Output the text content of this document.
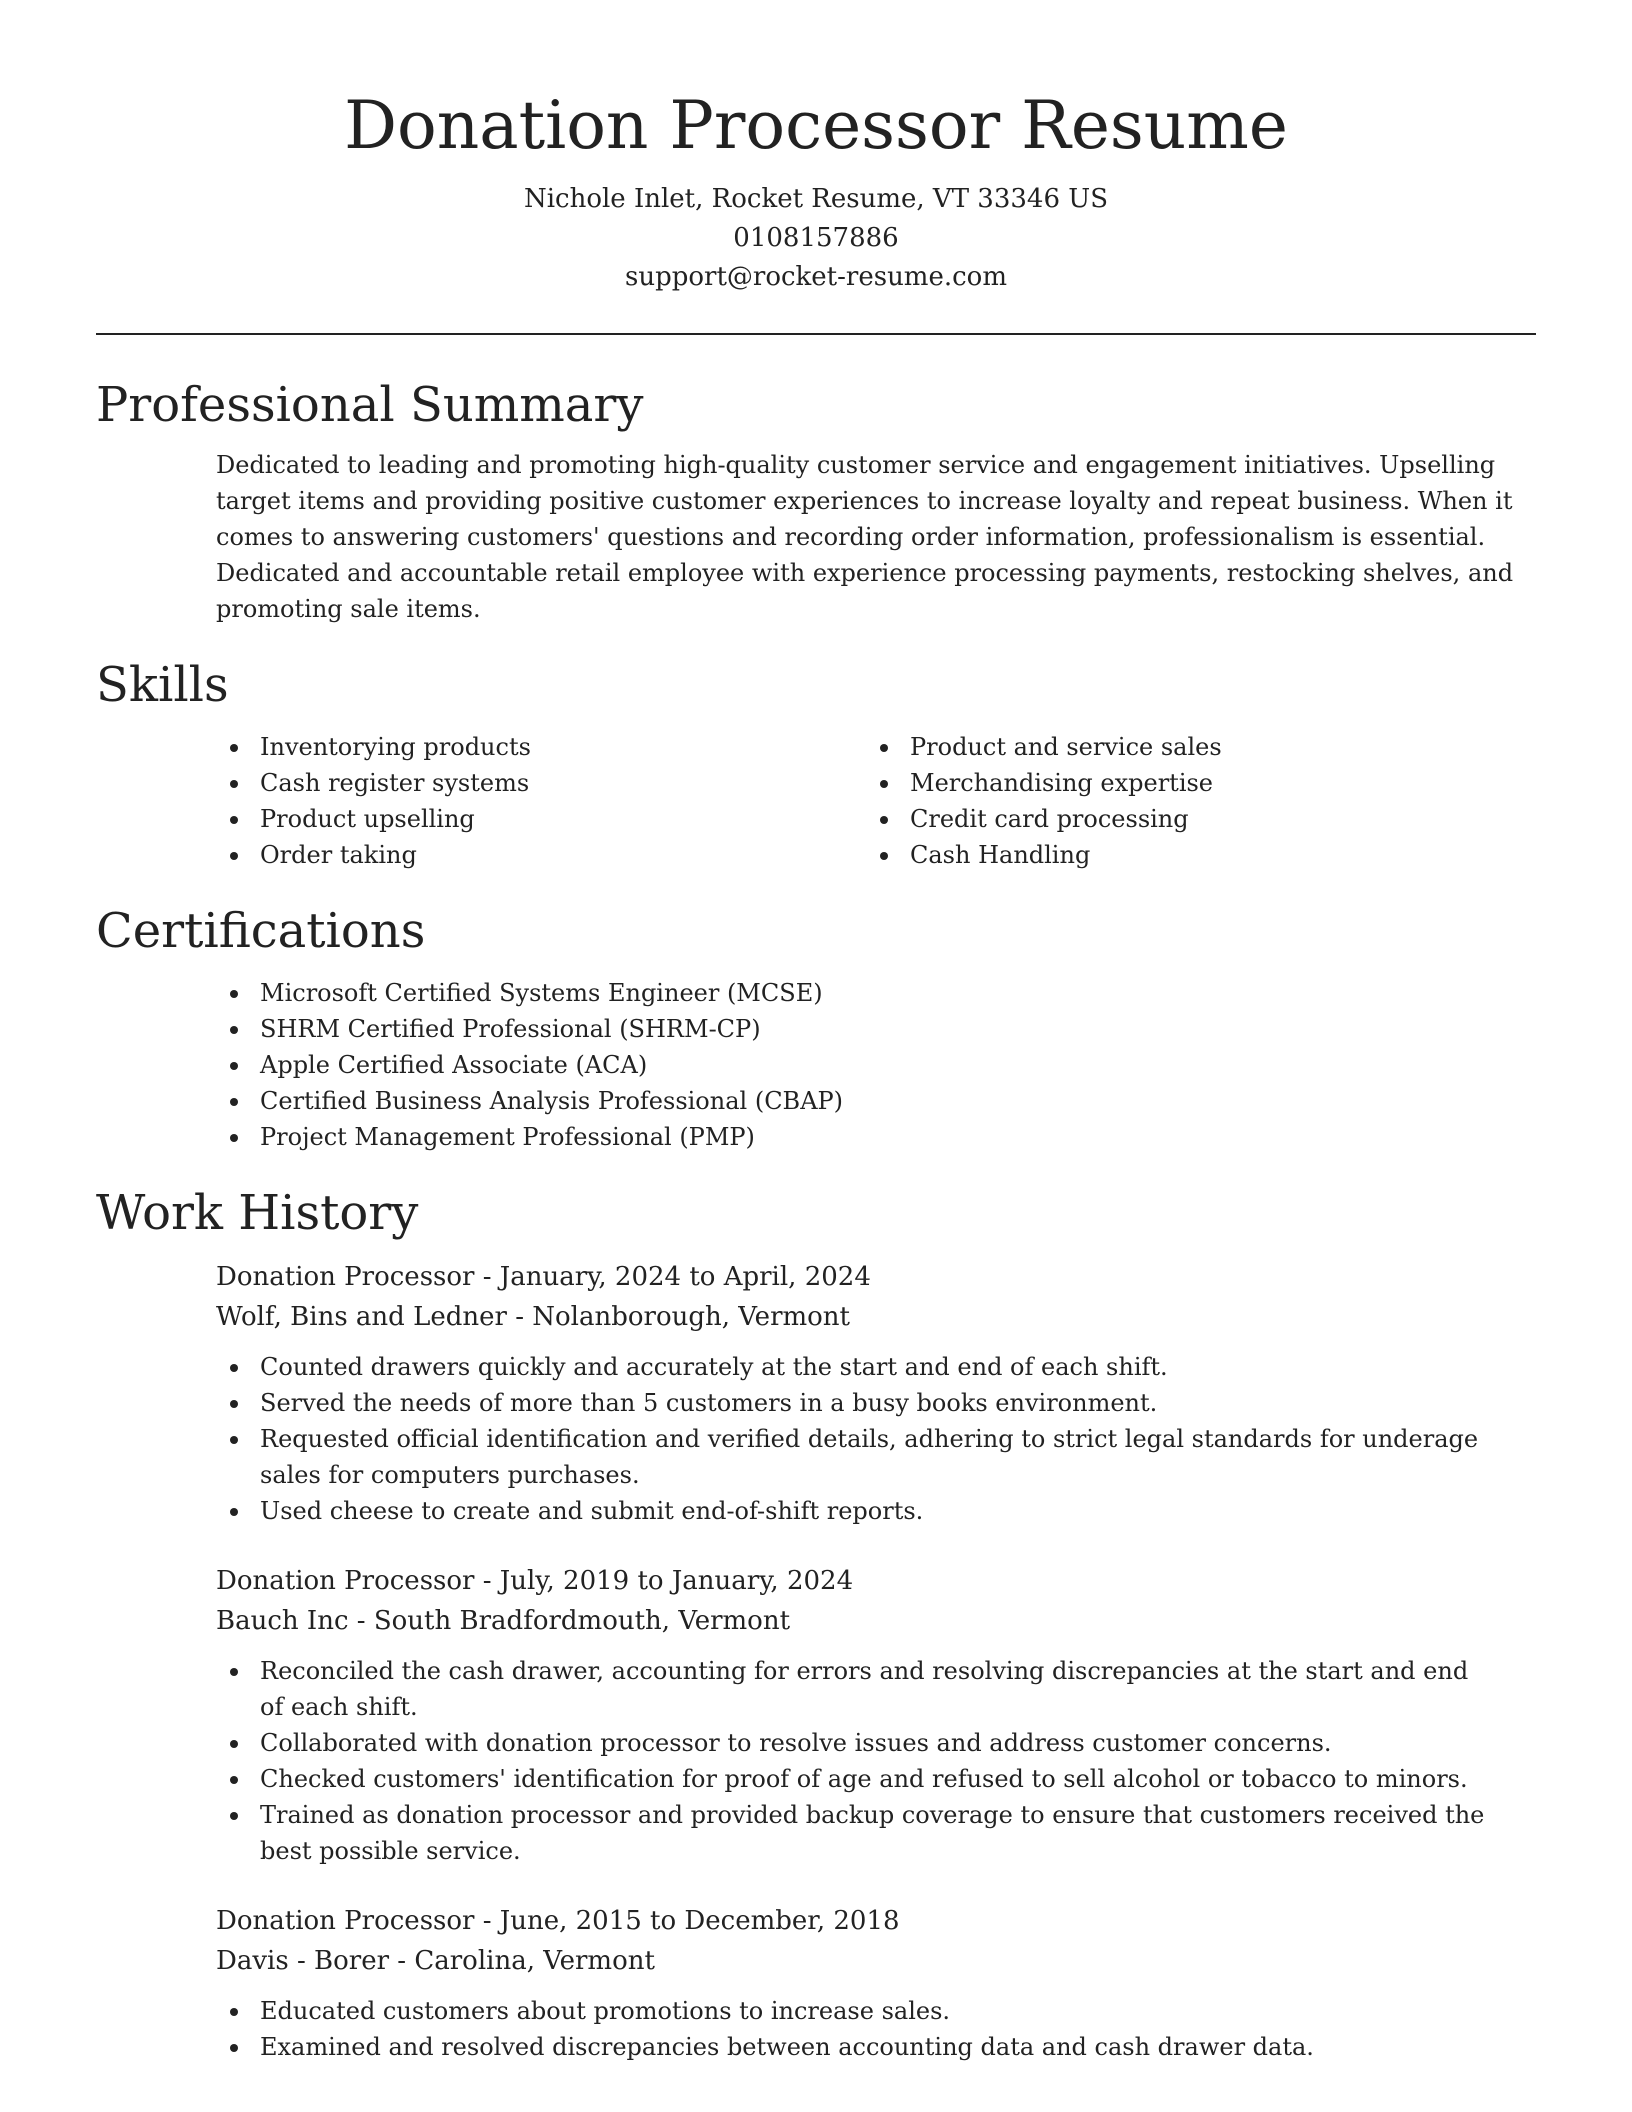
Donation Processor Resume
Nichole Inlet, Rocket Resume, VT 33346 US
0108157886
support@rocket-resume.com
Professional Summary

Dedicated to leading and promoting high-quality customer service and engagement initiatives. Upselling target items and providing positive customer experiences to increase loyalty and repeat business. When it comes to answering customers' questions and recording order information, professionalism is essential. Dedicated and accountable retail employee with experience processing payments, restocking shelves, and promoting sale items.

Skills
Inventorying products
Cash register systems
Product upselling
Order taking
Product and service sales
Merchandising expertise
Credit card processing
Cash Handling
Certifications
Microsoft Certified Systems Engineer (MCSE)
SHRM Certified Professional (SHRM-CP)
Apple Certified Associate (ACA)
Certified Business Analysis Professional (CBAP)
Project Management Professional (PMP)
Work History
Donation Processor - January, 2024 to April, 2024
Wolf, Bins and Ledner - Nolanborough, Vermont
Counted drawers quickly and accurately at the start and end of each shift.
Served the needs of more than 5 customers in a busy books environment.
Requested official identification and verified details, adhering to strict legal standards for underage sales for computers purchases.
Used cheese to create and submit end-of-shift reports.
Donation Processor - July, 2019 to January, 2024
Bauch Inc - South Bradfordmouth, Vermont
Reconciled the cash drawer, accounting for errors and resolving discrepancies at the start and end of each shift.
Collaborated with donation processor to resolve issues and address customer concerns.
Checked customers' identification for proof of age and refused to sell alcohol or tobacco to minors.
Trained as donation processor and provided backup coverage to ensure that customers received the best possible service.
Donation Processor - June, 2015 to December, 2018
Davis - Borer - Carolina, Vermont
Educated customers about promotions to increase sales.
Examined and resolved discrepancies between accounting data and cash drawer data.
